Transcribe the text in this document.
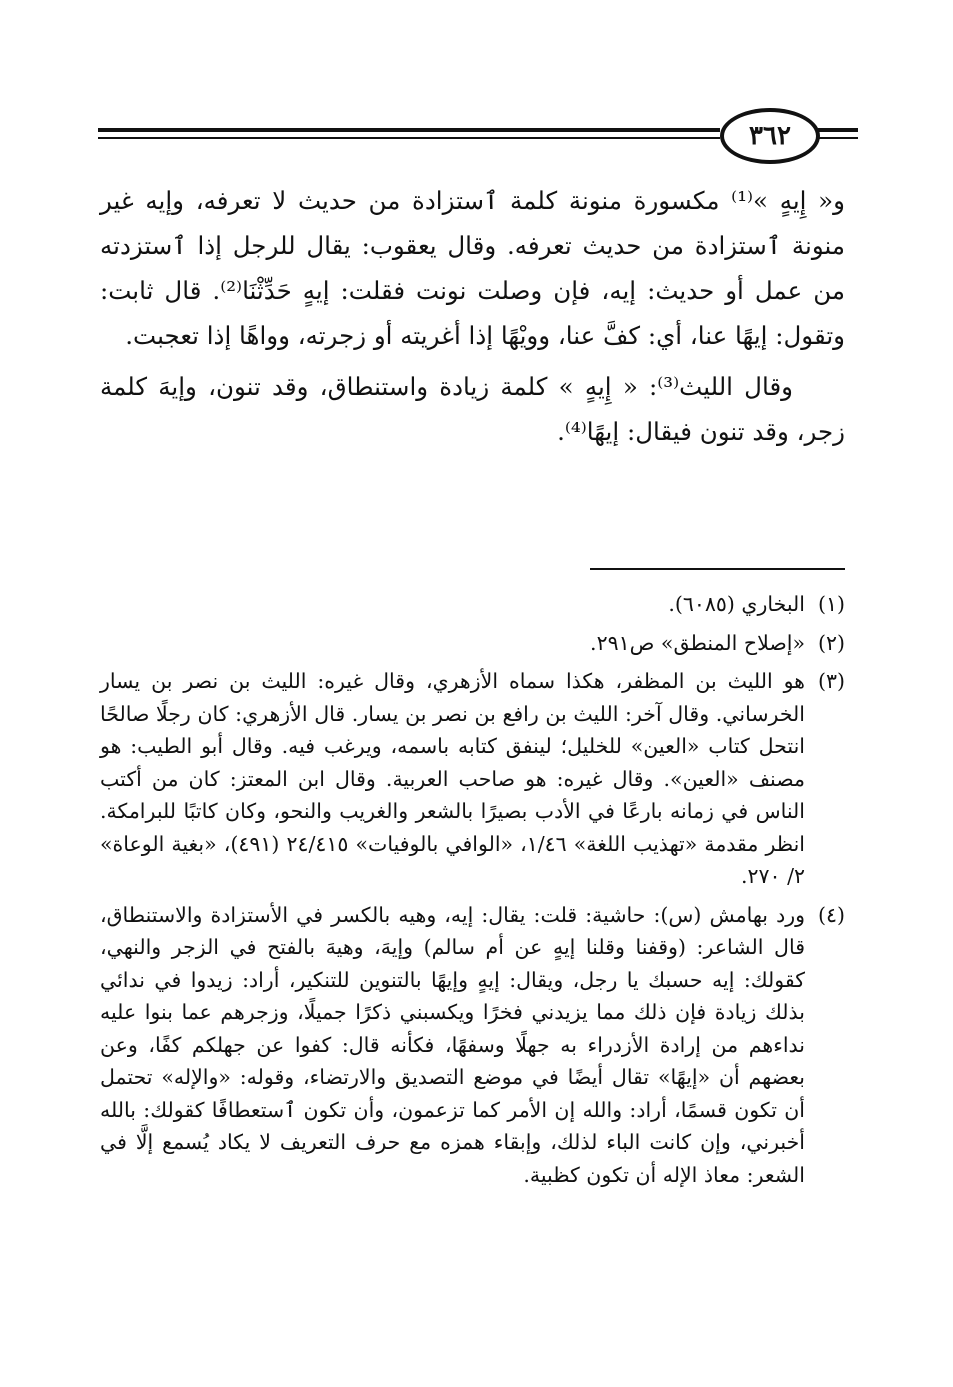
٣٦٢

و« إِيهٍ »⁽¹⁾ مكسورة منونة كلمة ٱستزادة من حديث لا تعرفه، وإيه غير منونة ٱستزادة من حديث تعرفه. وقال يعقوب: يقال للرجل إذا ٱستزدته من عمل أو حديث: إيه، فإن وصلت نونت فقلت: إيهٍ حَدِّثْنَا⁽²⁾. قال ثابت: وتقول: إيهًا عنا، أي: كفَّ عنا، وويْهًا إذا أغريته أو زجرته، وواهًا إذا تعجبت.

وقال الليث⁽³⁾: « إِيهٍ » كلمة زيادة واستنطاق، وقد تنون، وإيهَ كلمة زجر، وقد تنون فيقال: إيهًا⁽⁴⁾.

(١)
البخاري (٦٠٨٥).
(٢)
«إصلاح المنطق» ص٢٩١.
(٣)
هو الليث بن المظفر، هكذا سماه الأزهري، وقال غيره: الليث بن نصر بن يسار الخرساني. وقال آخر: الليث بن رافع بن نصر بن يسار. قال الأزهري: كان رجلًا صالحًا انتحل كتاب «العين» للخليل؛ لينفق كتابه باسمه، ويرغب فيه. وقال أبو الطيب: هو مصنف «العين». وقال غيره: هو صاحب العربية. وقال ابن المعتز: كان من أكتب الناس في زمانه بارعًا في الأدب بصيرًا بالشعر والغريب والنحو، وكان كاتبًا للبرامكة. انظر مقدمة «تهذيب اللغة» ١/٤٦، «الوافي بالوفيات» ٢٤/٤١٥ (٤٩١)، «بغية الوعاة» ٢/ ٢٧٠.
(٤)
ورد بهامش (س): حاشية: قلت: يقال: إيه، وهيه بالكسر في الأستزادة والاستنطاق، قال الشاعر: (وقفنا وقلنا إيهٍ عن أم سالم) وإيهَ، وهيهَ بالفتح في الزجر والنهي، كقولك: إيه حسبك يا رجل، ويقال: إيهٍ وإيهًا بالتنوين للتنكير، أراد: زيدوا في ندائي بذلك زيادة فإن ذلك مما يزيدني فخرًا ويكسبني ذكرًا جميلًا، وزجرهم عما بنوا عليه نداءهم من إرادة الأزدراء به جهلًا وسفهًا، فكأنه قال: كفوا عن جهلكم كفًا، وعن بعضهم أن «إيهًا» تقال أيضًا في موضع التصديق والارتضاء، وقوله: «والإله» تحتمل أن تكون قسمًا، أراد: والله إن الأمر كما تزعمون، وأن تكون ٱستعطافًا كقولك: بالله أخبرني، وإن كانت الباء لذلك، وإبقاء همزه مع حرف التعريف لا يكاد يُسمع إلَّا في الشعر: معاذ الإله أن تكون كظبية.
